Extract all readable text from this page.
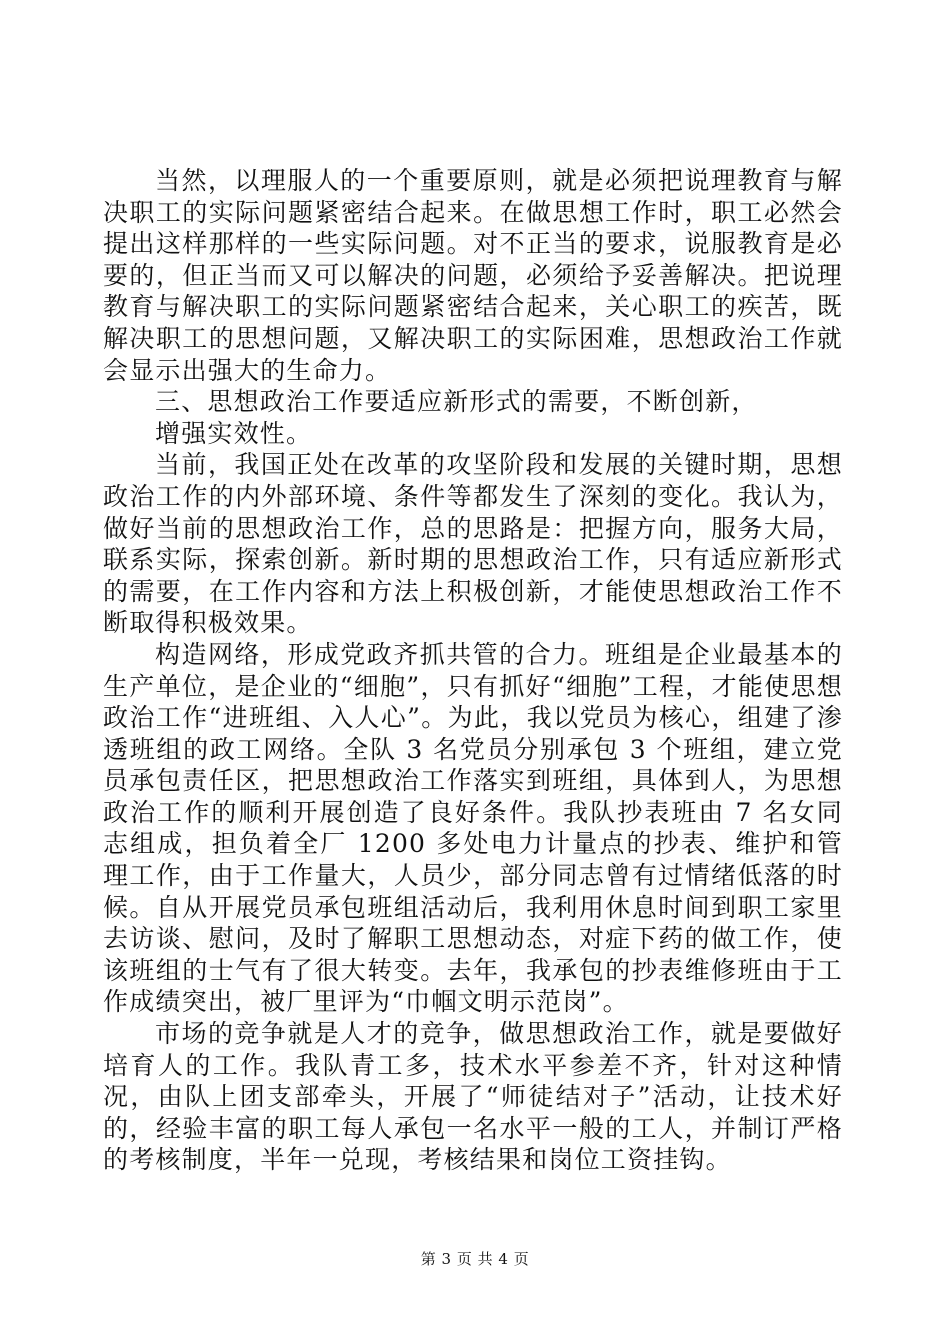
当然，以理服人的一个重要原则，就是必须把说理教育与解决职工的实际问题紧密结合起来。在做思想工作时，职工必然会提出这样那样的一些实际问题。对不正当的要求，说服教育是必要的，但正当而又可以解决的问题，必须给予妥善解决。把说理教育与解决职工的实际问题紧密结合起来，关心职工的疾苦，既解决职工的思想问题，又解决职工的实际困难，思想政治工作就会显示出强大的生命力。

三、思想政治工作要适应新形式的需要，不断创新，

增强实效性。

当前，我国正处在改革的攻坚阶段和发展的关键时期，思想政治工作的内外部环境、条件等都发生了深刻的变化。我认为，做好当前的思想政治工作，总的思路是：把握方向，服务大局，联系实际，探索创新。新时期的思想政治工作，只有适应新形式的需要，在工作内容和方法上积极创新，才能使思想政治工作不断取得积极效果。

构造网络，形成党政齐抓共管的合力。班组是企业最基本的生产单位，是企业的“细胞”，只有抓好“细胞”工程，才能使思想政治工作“进班组、入人心”。为此，我以党员为核心，组建了渗透班组的政工网络。全队 3 名党员分别承包 3 个班组，建立党员承包责任区，把思想政治工作落实到班组，具体到人，为思想政治工作的顺利开展创造了良好条件。我队抄表班由 7 名女同志组成，担负着全厂 1200 多处电力计量点的抄表、维护和管理工作，由于工作量大，人员少，部分同志曾有过情绪低落的时候。自从开展党员承包班组活动后，我利用休息时间到职工家里去访谈、慰问，及时了解职工思想动态，对症下药的做工作，使该班组的士气有了很大转变。去年，我承包的抄表维修班由于工作成绩突出，被厂里评为“巾帼文明示范岗”。

市场的竞争就是人才的竞争，做思想政治工作，就是要做好培育人的工作。我队青工多，技术水平参差不齐，针对这种情况，由队上团支部牵头，开展了“师徒结对子”活动，让技术好的，经验丰富的职工每人承包一名水平一般的工人，并制订严格的考核制度，半年一兑现，考核结果和岗位工资挂钩。

第 3 页 共 4 页
